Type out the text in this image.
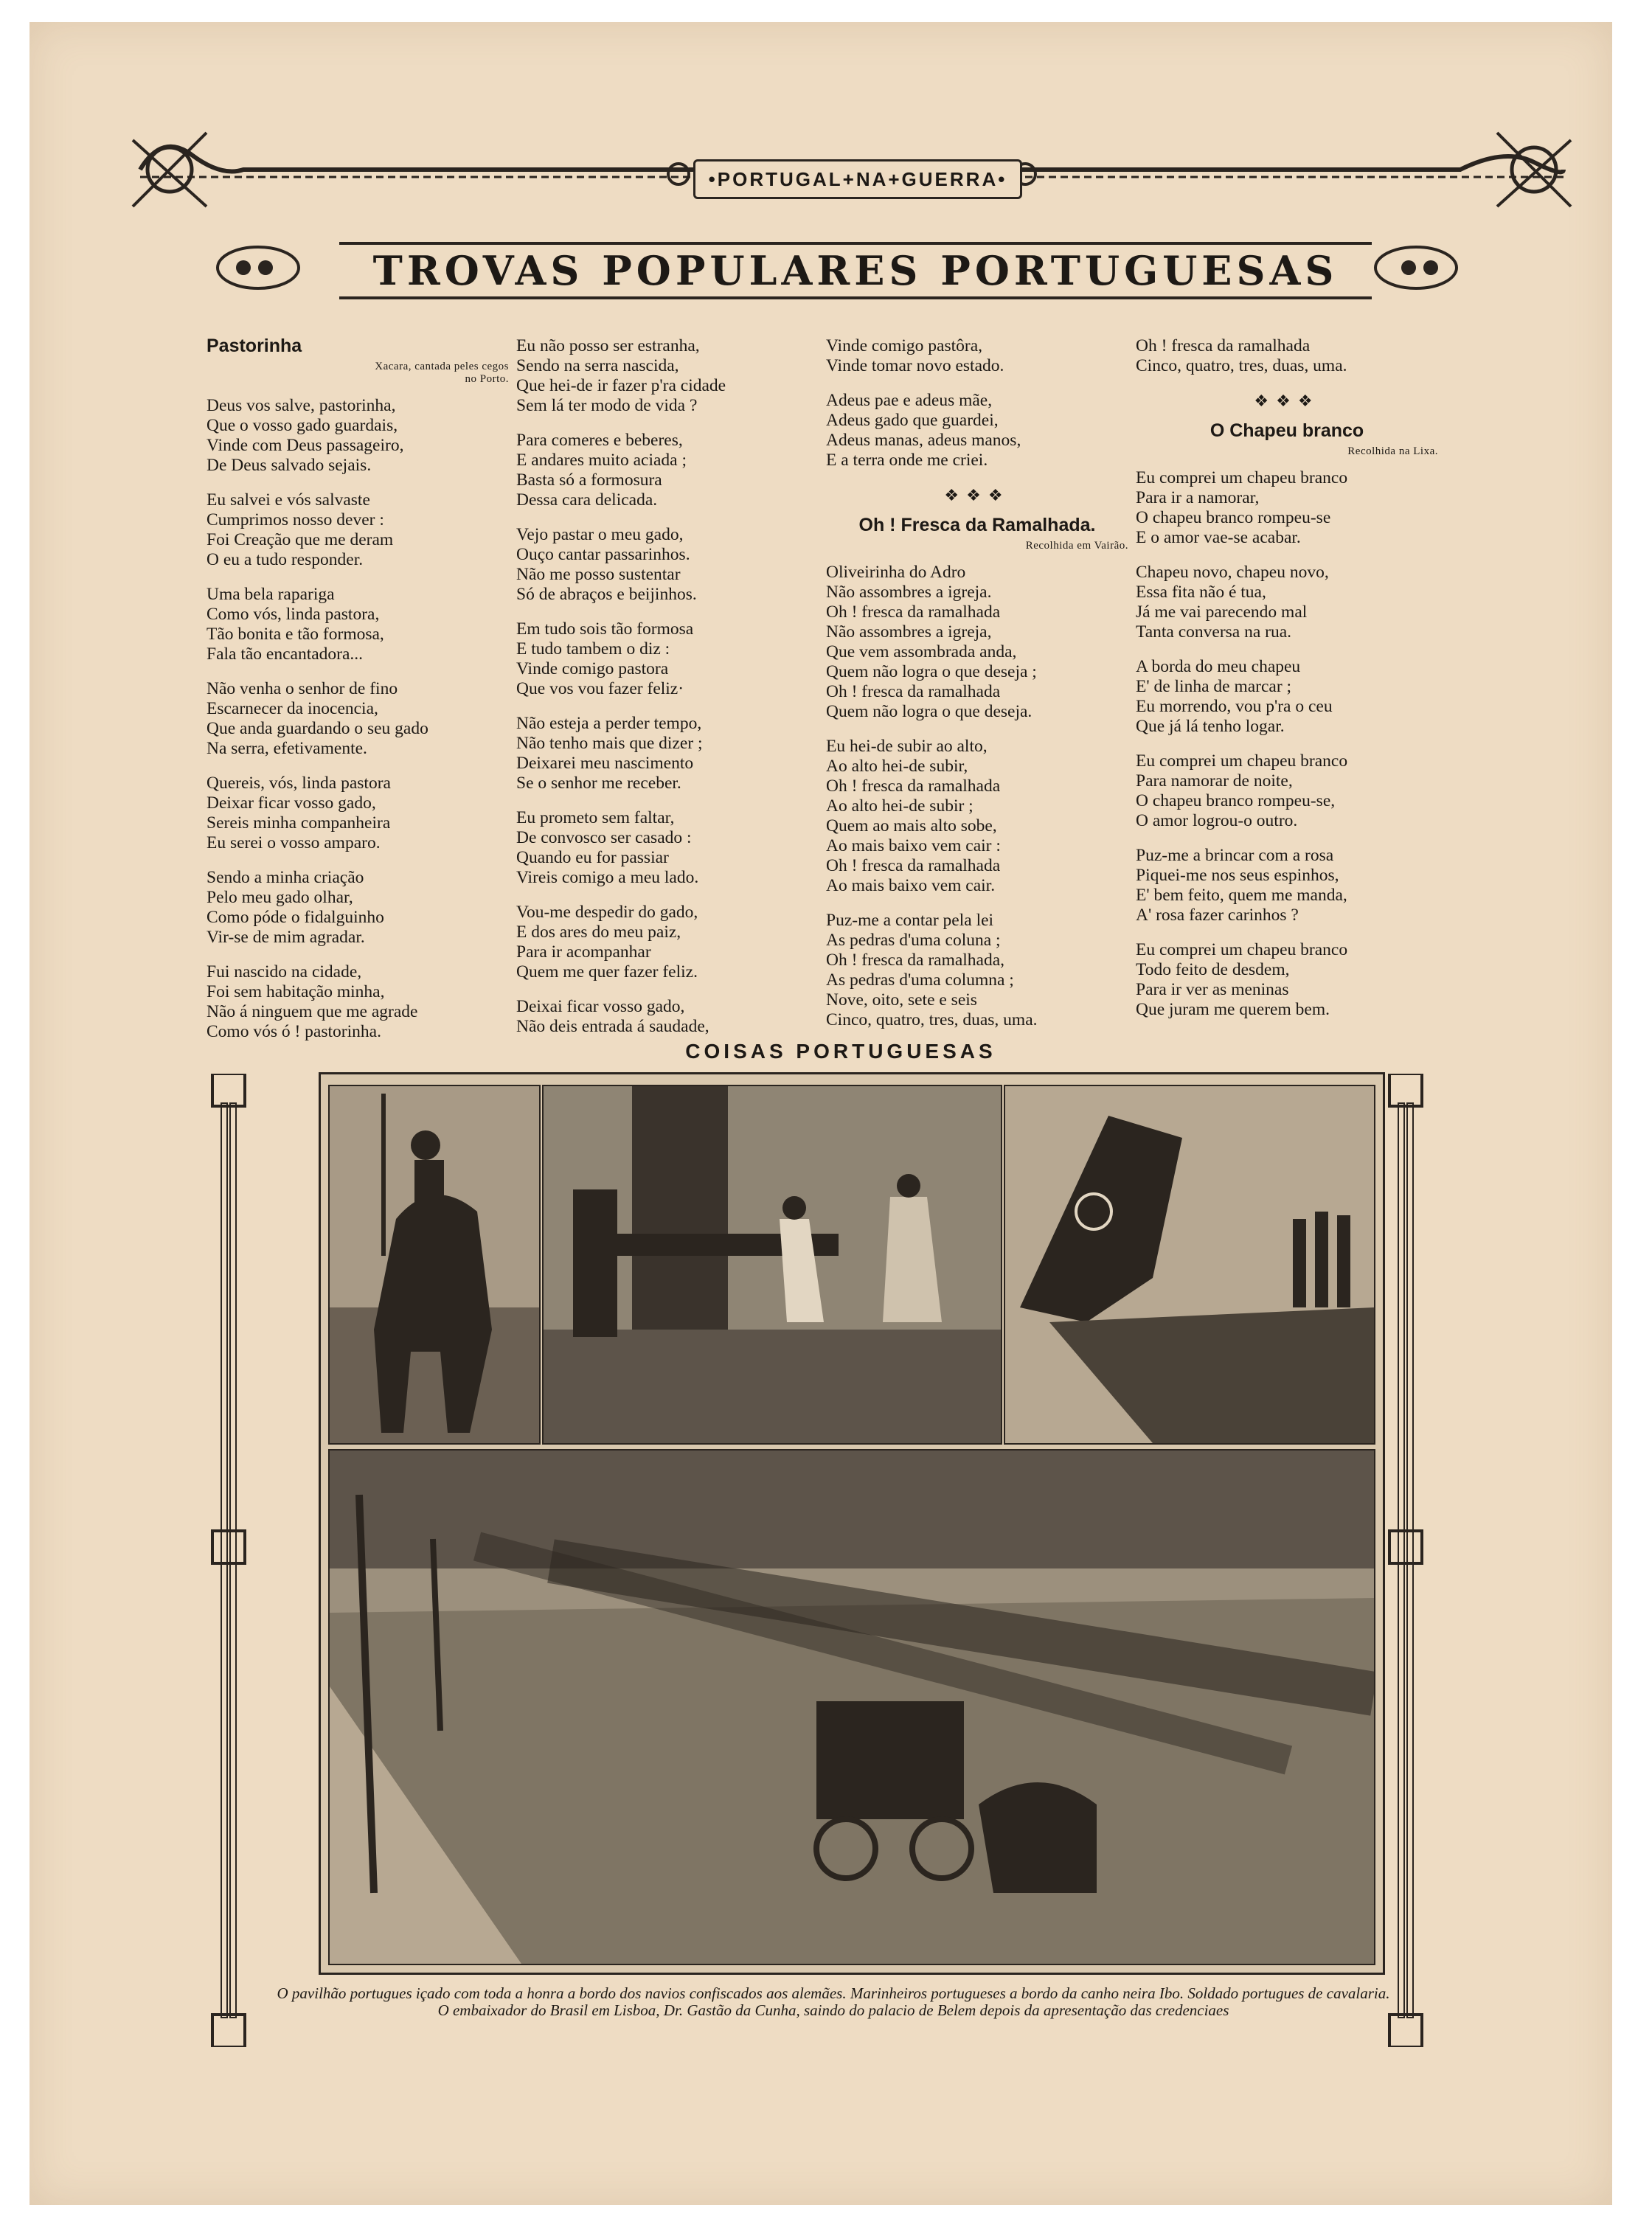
•PORTUGAL+NA+GUERRA•
TROVAS POPULARES PORTUGUESAS
Pastorinha
Xacara, cantada peles cegos
no Porto.
Deus vos salve, pastorinha,
Que o vosso gado guardais,
Vinde com Deus passageiro,
De Deus salvado sejais.
Eu salvei e vós salvaste
Cumprimos nosso dever :
Foi Creação que me deram
O eu a tudo responder.
Uma bela rapariga
Como vós, linda pastora,
Tão bonita e tão formosa,
Fala tão encantadora...
Não venha o senhor de fino
Escarnecer da inocencia,
Que anda guardando o seu gado
Na serra, efetivamente.
Quereis, vós, linda pastora
Deixar ficar vosso gado,
Sereis minha companheira
Eu serei o vosso amparo.
Sendo a minha criação
Pelo meu gado olhar,
Como póde o fidalguinho
Vir-se de mim agradar.
Fui nascido na cidade,
Foi sem habitação minha,
Não á ninguem que me agrade
Como vós ó ! pastorinha.
Eu não posso ser estranha,
Sendo na serra nascida,
Que hei-de ir fazer p'ra cidade
Sem lá ter modo de vida ?
Para comeres e beberes,
E andares muito aciada ;
Basta só a formosura
Dessa cara delicada.
Vejo pastar o meu gado,
Ouço cantar passarinhos.
Não me posso sustentar
Só de abraços e beijinhos.
Em tudo sois tão formosa
E tudo tambem o diz :
Vinde comigo pastora
Que vos vou fazer feliz·
Não esteja a perder tempo,
Não tenho mais que dizer ;
Deixarei meu nascimento
Se o senhor me receber.
Eu prometo sem faltar,
De convosco ser casado :
Quando eu for passiar
Vireis comigo a meu lado.
Vou-me despedir do gado,
E dos ares do meu paiz,
Para ir acompanhar
Quem me quer fazer feliz.
Deixai ficar vosso gado,
Não deis entrada á saudade,
Vinde comigo pastôra,
Vinde tomar novo estado.
Adeus pae e adeus mãe,
Adeus gado que guardei,
Adeus manas, adeus manos,
E a terra onde me criei.
❖❖❖
Oh ! Fresca da Ramalhada.
Recolhida em Vairão.
Oliveirinha do Adro
Não assombres a igreja.
Oh ! fresca da ramalhada
Não assombres a igreja,
Que vem assombrada anda,
Quem não logra o que deseja ;
Oh ! fresca da ramalhada
Quem não logra o que deseja.
Eu hei-de subir ao alto,
Ao alto hei-de subir,
Oh ! fresca da ramalhada
Ao alto hei-de subir ;
Quem ao mais alto sobe,
Ao mais baixo vem cair :
Oh ! fresca da ramalhada
Ao mais baixo vem cair.
Puz-me a contar pela lei
As pedras d'uma coluna ;
Oh ! fresca da ramalhada,
As pedras d'uma columna ;
Nove, oito, sete e seis
Cinco, quatro, tres, duas, uma.
Oh ! fresca da ramalhada
Cinco, quatro, tres, duas, uma.
❖❖❖
O Chapeu branco
Recolhida na Lixa.
Eu comprei um chapeu branco
Para ir a namorar,
O chapeu branco rompeu-se
E o amor vae-se acabar.
Chapeu novo, chapeu novo,
Essa fita não é tua,
Já me vai parecendo mal
Tanta conversa na rua.
A borda do meu chapeu
E' de linha de marcar ;
Eu morrendo, vou p'ra o ceu
Que já lá tenho logar.
Eu comprei um chapeu branco
Para namorar de noite,
O chapeu branco rompeu-se,
O amor logrou-o outro.
Puz-me a brincar com a rosa
Piquei-me nos seus espinhos,
E' bem feito, quem me manda,
A' rosa fazer carinhos ?
Eu comprei um chapeu branco
Todo feito de desdem,
Para ir ver as meninas
Que juram me querem bem.
COISAS PORTUGUESAS
O pavilhão portugues içado com toda a honra a bordo dos navios confiscados aos alemães. Marinheiros portugueses a bordo da canho neira Ibo. Soldado portugues de cavalaria. O embaixador do Brasil em Lisboa, Dr. Gastão da Cunha, saindo do palacio de Belem depois da apresentação das credenciaes
